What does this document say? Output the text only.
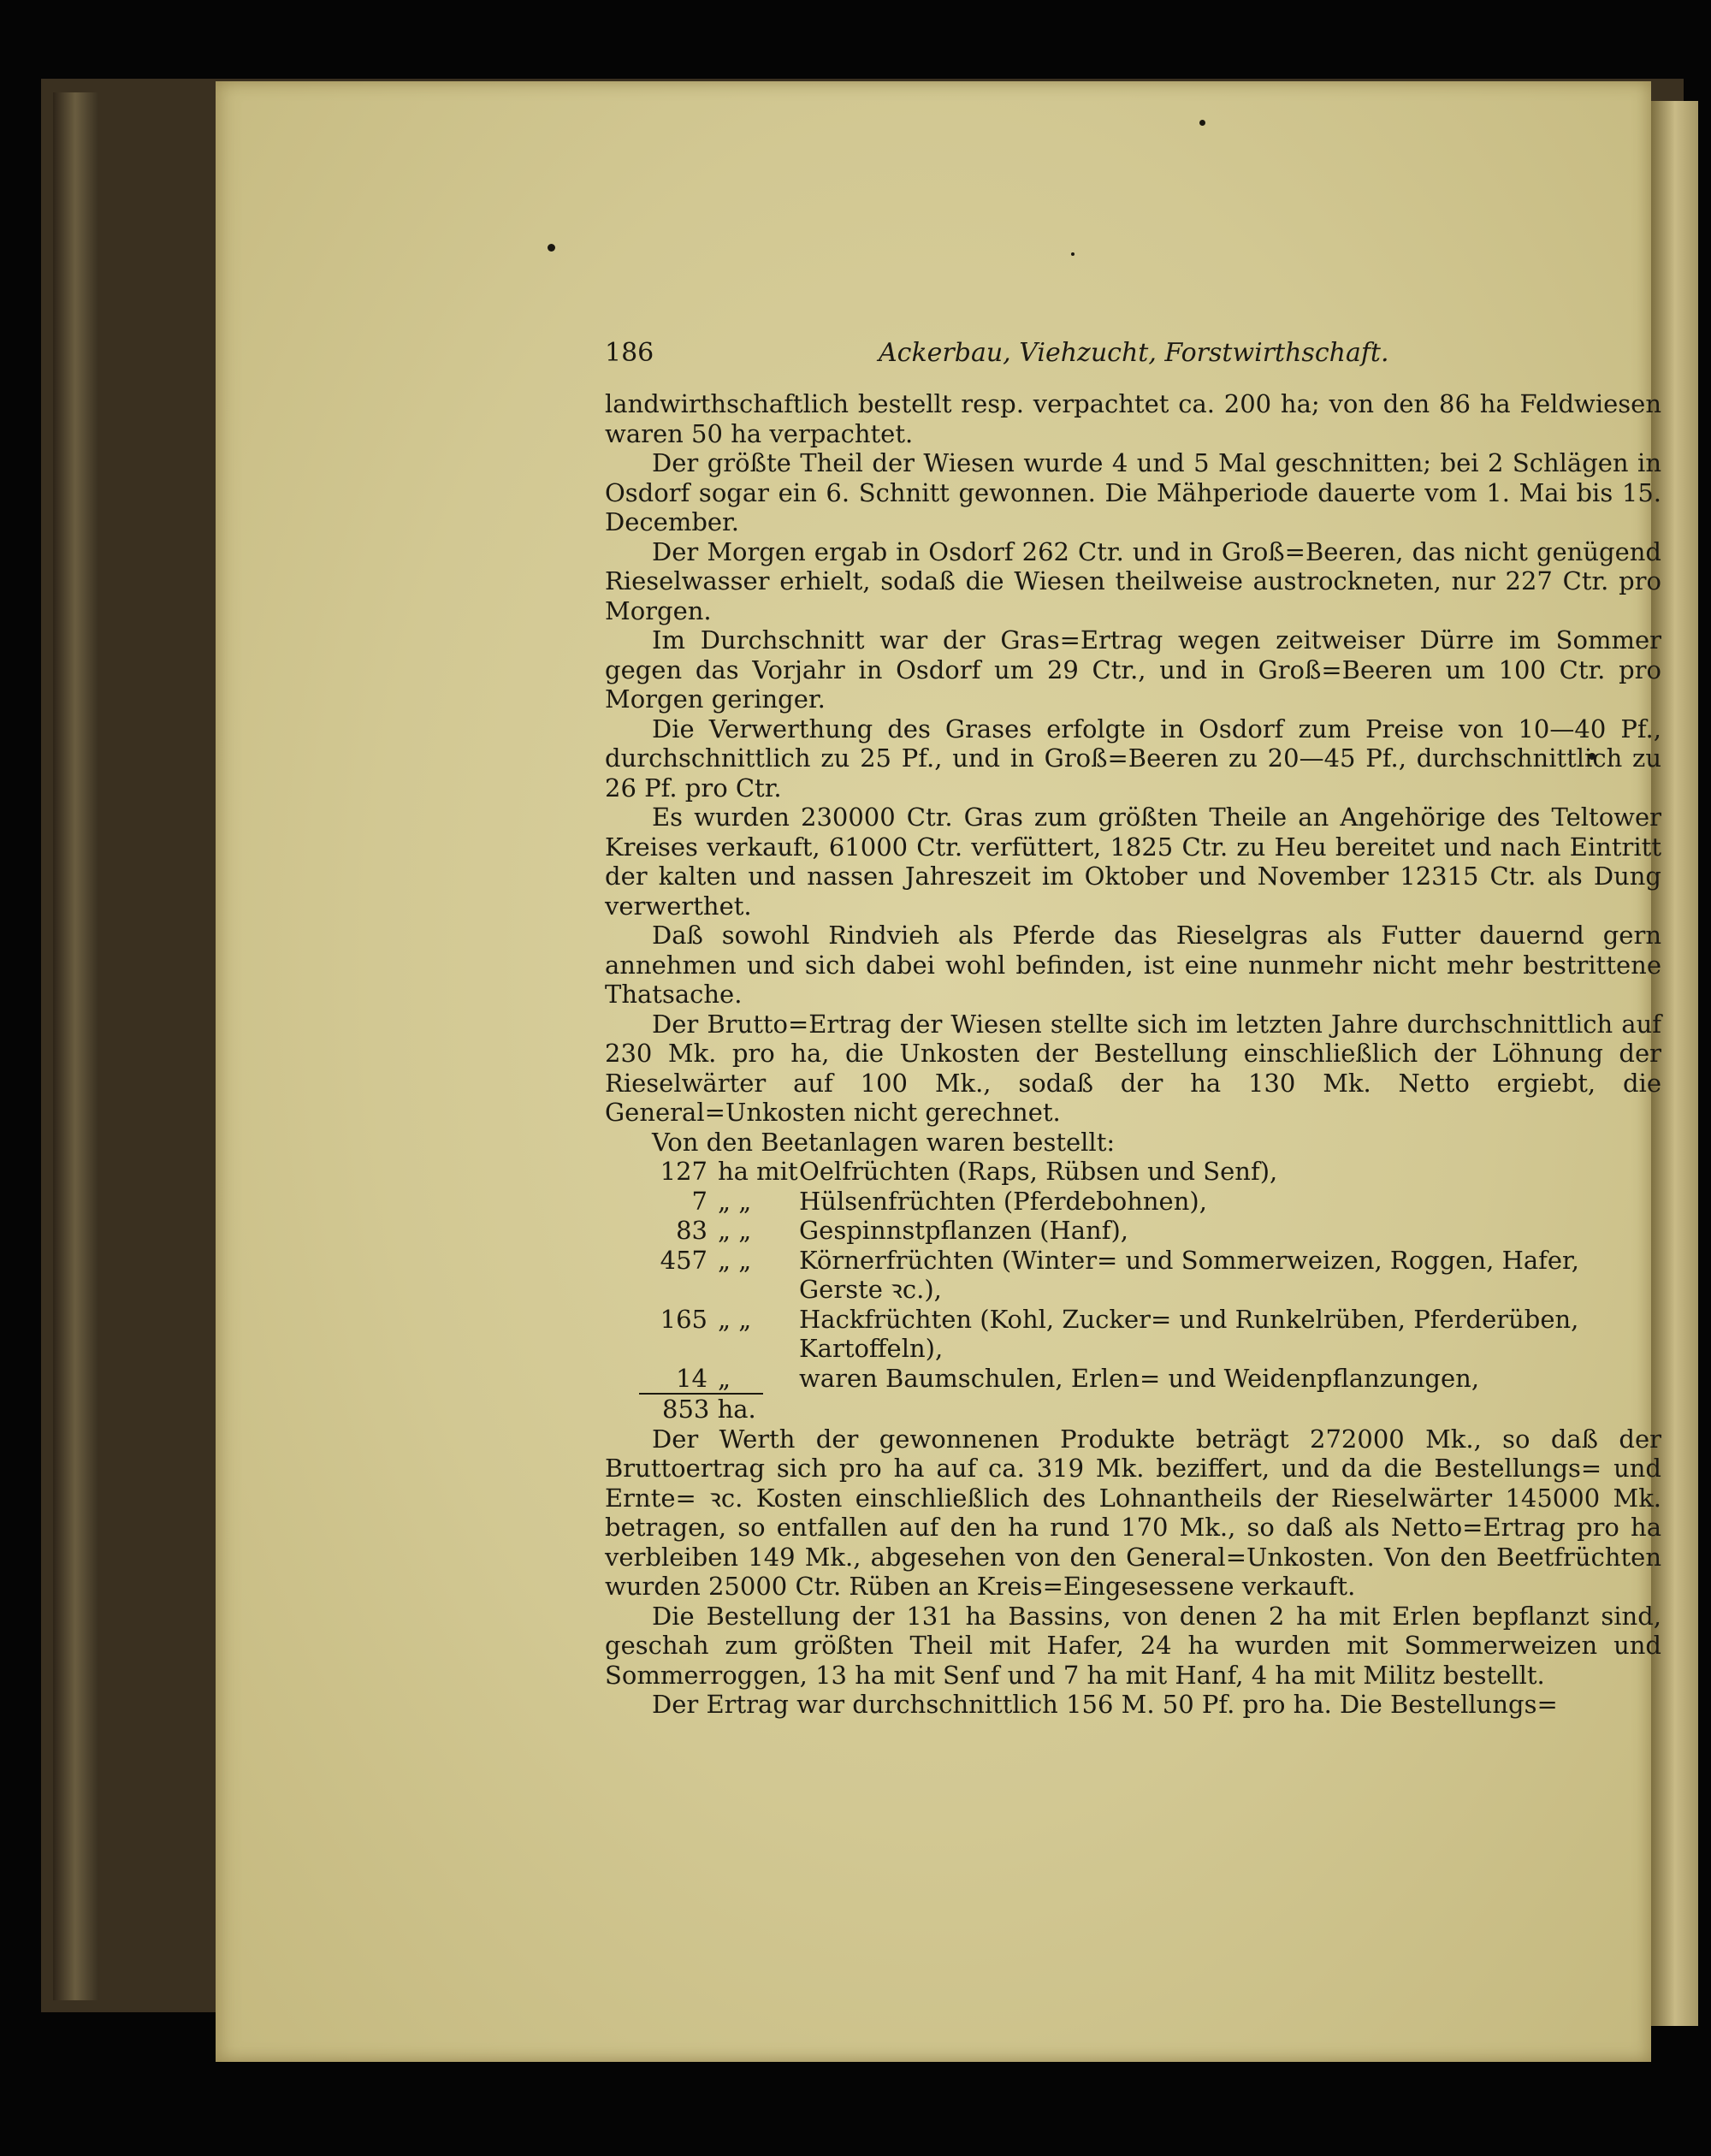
186	Ackerbau, Viehzucht, Forstwirthschaft.

landwirthschaftlich bestellt resp. verpachtet ca. 200 ha; von den 86 ha Feldwiesen waren 50 ha verpachtet.

Der größte Theil der Wiesen wurde 4 und 5 Mal geschnitten; bei 2 Schlägen in Osdorf sogar ein 6. Schnitt gewonnen. Die Mähperiode dauerte vom 1. Mai bis 15. December.

Der Morgen ergab in Osdorf 262 Ctr. und in Groß=Beeren, das nicht genügend Rieselwasser erhielt, sodaß die Wiesen theilweise austrockneten, nur 227 Ctr. pro Morgen.

Im Durchschnitt war der Gras=Ertrag wegen zeitweiser Dürre im Sommer gegen das Vorjahr in Osdorf um 29 Ctr., und in Groß=Beeren um 100 Ctr. pro Morgen geringer.

Die Verwerthung des Grases erfolgte in Osdorf zum Preise von 10—40 Pf., durchschnittlich zu 25 Pf., und in Groß=Beeren zu 20—45 Pf., durchschnittlich zu 26 Pf. pro Ctr.

Es wurden 230000 Ctr. Gras zum größten Theile an Angehörige des Teltower Kreises verkauft, 61000 Ctr. verfüttert, 1825 Ctr. zu Heu bereitet und nach Eintritt der kalten und nassen Jahreszeit im Oktober und November 12315 Ctr. als Dung verwerthet.

Daß sowohl Rindvieh als Pferde das Rieselgras als Futter dauernd gern annehmen und sich dabei wohl befinden, ist eine nunmehr nicht mehr bestrittene Thatsache.

Der Brutto=Ertrag der Wiesen stellte sich im letzten Jahre durchschnittlich auf 230 Mk. pro ha, die Unkosten der Bestellung einschließlich der Löhnung der Rieselwärter auf 100 Mk., sodaß der ha 130 Mk. Netto ergiebt, die General=Unkosten nicht gerechnet.

Von den Beetanlagen waren bestellt:

127 ha mit Oelfrüchten (Raps, Rübsen und Senf),
7 „ „	Hülsenfrüchten (Pferdebohnen),
83 „ „	Gespinnstpflanzen (Hanf),
457 „ „	Körnerfrüchten (Winter= und Sommerweizen, Roggen, Hafer,
Gerste ꝛc.),
165 „ „	Hackfrüchten (Kohl, Zucker= und Runkelrüben, Pferderüben,
Kartoffeln),
14 „	waren Baumschulen, Erlen= und Weidenpflanzungen,
853 ha.

Der Werth der gewonnenen Produkte beträgt 272000 Mk., so daß der Bruttoertrag sich pro ha auf ca. 319 Mk. beziffert, und da die Bestellungs= und Ernte= ꝛc. Kosten einschließlich des Lohnantheils der Rieselwärter 145000 Mk. betragen, so entfallen auf den ha rund 170 Mk., so daß als Netto=Ertrag pro ha verbleiben 149 Mk., abgesehen von den General=Unkosten. Von den Beetfrüchten wurden 25000 Ctr. Rüben an Kreis=Eingesessene verkauft.

Die Bestellung der 131 ha Bassins, von denen 2 ha mit Erlen bepflanzt sind, geschah zum größten Theil mit Hafer, 24 ha wurden mit Sommerweizen und Sommerroggen, 13 ha mit Senf und 7 ha mit Hanf, 4 ha mit Militz bestellt.

Der Ertrag war durchschnittlich 156 M. 50 Pf. pro ha. Die Bestellungs=
